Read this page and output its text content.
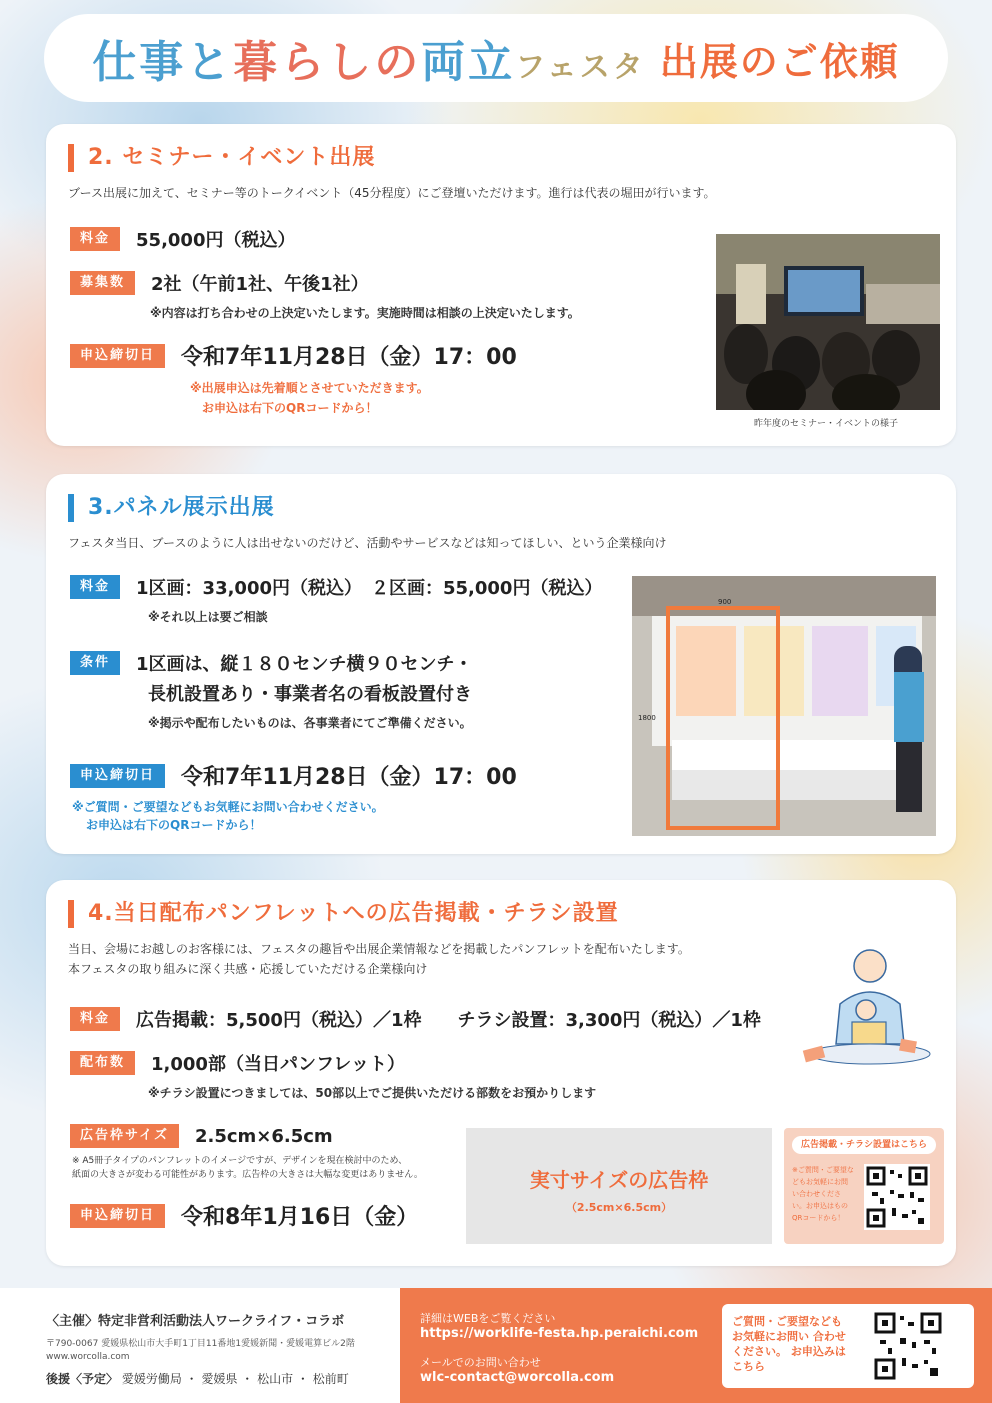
仕事と暮らしの両立フェスタ 出展のご依頼
2. セミナー・イベント出展
ブース出展に加えて、セミナー等のトークイベント（45分程度）にご登壇いただけます。進行は代表の堀田が行います。
料金	55,000円（税込）
募集数	2社（午前1社、午後1社）
※内容は打ち合わせの上決定いたします。実施時間は相談の上決定いたします。
申込締切日	令和7年11月28日（金）17：00
※出展申込は先着順とさせていただきます。
お申込は右下のQRコードから！
昨年度のセミナー・イベントの様子
3.パネル展示出展
フェスタ当日、ブースのように人は出せないのだけど、活動やサービスなどは知ってほしい、という企業様向け
料金	1区画：33,000円（税込）　２区画：55,000円（税込）
※それ以上は要ご相談
条件	1区画は、縦１８０センチ横９０センチ・
長机設置あり・事業者名の看板設置付き
※掲示や配布したいものは、各事業者にてご準備ください。
申込締切日	令和7年11月28日（金）17：00
※ご質問・ご要望などもお気軽にお問い合わせください。
お申込は右下のQRコードから！
900
1800
4.当日配布パンフレットへの広告掲載・チラシ設置
当日、会場にお越しのお客様には、フェスタの趣旨や出展企業情報などを掲載したパンフレットを配布いたします。
本フェスタの取り組みに深く共感・応援していただける企業様向け
料金	広告掲載：5,500円（税込）／1枠　　チラシ設置：3,300円（税込）／1枠
配布数	1,000部（当日パンフレット）
※チラシ設置につきましては、50部以上でご提供いただける部数をお預かりします
広告枠サイズ	2.5cm×6.5cm
※ A5冊子タイプのパンフレットのイメージですが、デザインを現在検討中のため、
紙面の大きさが変わる可能性があります。広告枠の大きさは大幅な変更はありません。
申込締切日	令和8年1月16日（金）
実寸サイズの広告枠
（2.5cm×6.5cm）
広告掲載・チラシ設置はこちら
※ご質問・ご要望などもお気軽にお問い合わせください。お申込はものQRコードから！
〈主催〉特定非営利活動法人ワークライフ・コラボ
〒790-0067 愛媛県松山市大手町1丁目11番地1愛媛新聞・愛媛電算ビル2階
www.worcolla.com
後援〈予定〉 愛媛労働局 ・ 愛媛県 ・ 松山市 ・ 松前町
詳細はWEBをご覧ください
https://worklife-festa.hp.peraichi.com
メールでのお問い合わせ
wlc-contact@worcolla.com
ご質問・ご要望なども お気軽にお問い 合わせください。 お申込みはこちら
